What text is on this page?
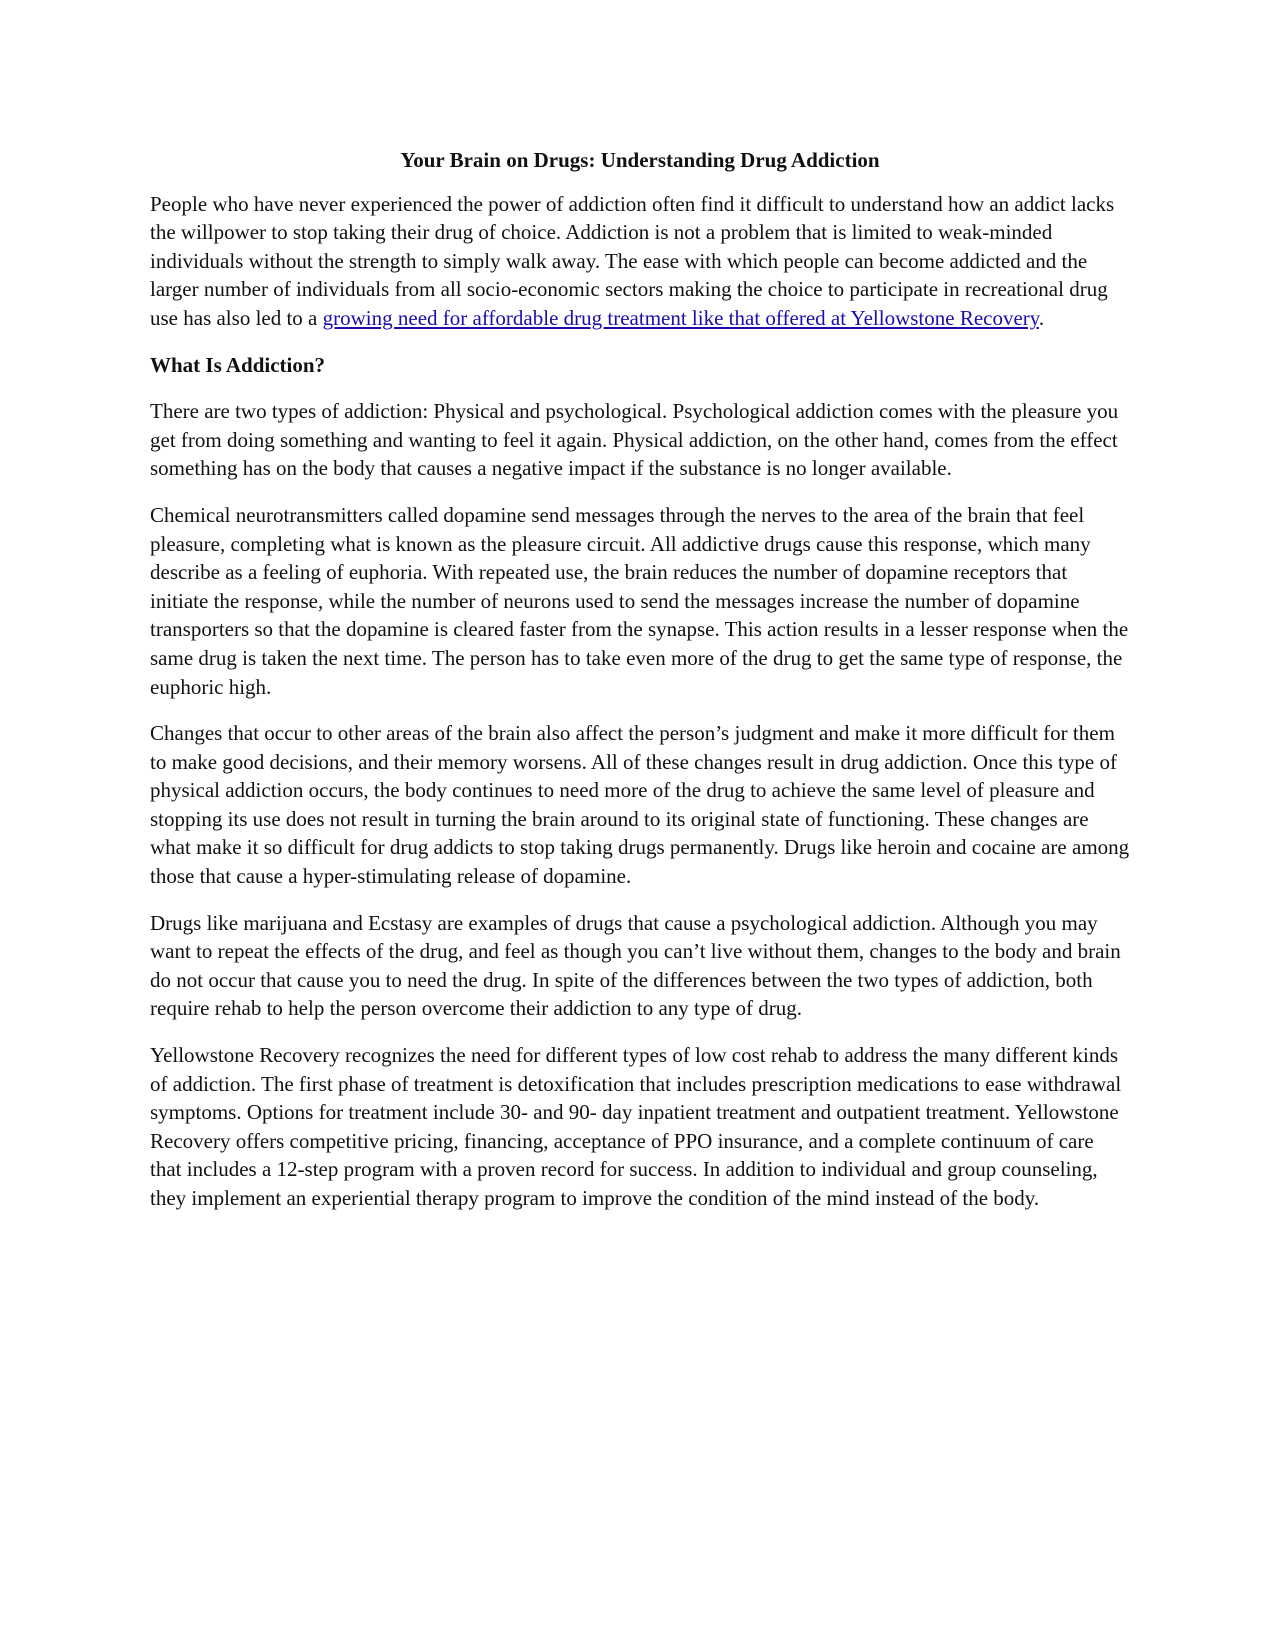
Your Brain on Drugs: Understanding Drug Addiction

People who have never experienced the power of addiction often find it difficult to understand how an addict lacks the willpower to stop taking their drug of choice. Addiction is not a problem that is limited to weak-minded individuals without the strength to simply walk away. The ease with which people can become addicted and the larger number of individuals from all socio-economic sectors making the choice to participate in recreational drug use has also led to a growing need for affordable drug treatment like that offered at Yellowstone Recovery.

What Is Addiction?

There are two types of addiction: Physical and psychological. Psychological addiction comes with the pleasure you get from doing something and wanting to feel it again. Physical addiction, on the other hand, comes from the effect something has on the body that causes a negative impact if the substance is no longer available.

Chemical neurotransmitters called dopamine send messages through the nerves to the area of the brain that feel pleasure, completing what is known as the pleasure circuit. All addictive drugs cause this response, which many describe as a feeling of euphoria. With repeated use, the brain reduces the number of dopamine receptors that initiate the response, while the number of neurons used to send the messages increase the number of dopamine transporters so that the dopamine is cleared faster from the synapse. This action results in a lesser response when the same drug is taken the next time. The person has to take even more of the drug to get the same type of response, the euphoric high.

Changes that occur to other areas of the brain also affect the person’s judgment and make it more difficult for them to make good decisions, and their memory worsens. All of these changes result in drug addiction. Once this type of physical addiction occurs, the body continues to need more of the drug to achieve the same level of pleasure and stopping its use does not result in turning the brain around to its original state of functioning. These changes are what make it so difficult for drug addicts to stop taking drugs permanently. Drugs like heroin and cocaine are among those that cause a hyper-stimulating release of dopamine.

Drugs like marijuana and Ecstasy are examples of drugs that cause a psychological addiction. Although you may want to repeat the effects of the drug, and feel as though you can’t live without them, changes to the body and brain do not occur that cause you to need the drug. In spite of the differences between the two types of addiction, both require rehab to help the person overcome their addiction to any type of drug.

Yellowstone Recovery recognizes the need for different types of low cost rehab to address the many different kinds of addiction. The first phase of treatment is detoxification that includes prescription medications to ease withdrawal symptoms. Options for treatment include 30- and 90- day inpatient treatment and outpatient treatment. Yellowstone Recovery offers competitive pricing, financing, acceptance of PPO insurance, and a complete continuum of care that includes a 12-step program with a proven record for success. In addition to individual and group counseling, they implement an experiential therapy program to improve the condition of the mind instead of the body.
